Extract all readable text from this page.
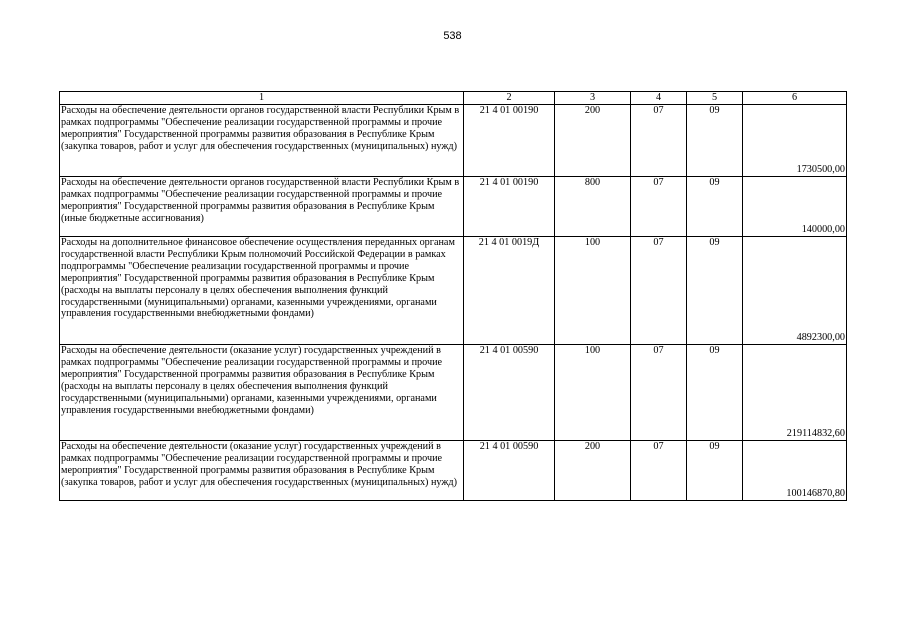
538
1	2	3	4	5	6
Расходы на обеспечение деятельности органов государственной власти Республики Крым в рамках подпрограммы "Обеспечение реализации государственной программы и прочие мероприятия" Государственной программы развития образования в Республике Крым (закупка товаров, работ и услуг для обеспечения государственных (муниципальных) нужд)	21 4 01 00190	200	07	09	1730500,00
Расходы на обеспечение деятельности органов государственной власти Республики Крым в рамках подпрограммы "Обеспечение реализации государственной программы и прочие мероприятия" Государственной программы развития образования в Республике Крым (иные бюджетные ассигнования)	21 4 01 00190	800	07	09	140000,00
Расходы на дополнительное финансовое обеспечение осуществления переданных органам государственной власти Республики Крым полномочий Российской Федерации в рамках подпрограммы "Обеспечение реализации государственной программы и прочие мероприятия" Государственной программы развития образования в Республике Крым (расходы на выплаты персоналу в целях обеспечения выполнения функций государственными (муниципальными) органами, казенными учреждениями, органами управления государственными внебюджетными фондами)	21 4 01 0019Д	100	07	09	4892300,00
Расходы на обеспечение деятельности (оказание услуг) государственных учреждений в рамках подпрограммы "Обеспечение реализации государственной программы и прочие мероприятия" Государственной программы развития образования в Республике Крым (расходы на выплаты персоналу в целях обеспечения выполнения функций государственными (муниципальными) органами, казенными учреждениями, органами управления государственными внебюджетными фондами)	21 4 01 00590	100	07	09	219114832,60
Расходы на обеспечение деятельности (оказание услуг) государственных учреждений в рамках подпрограммы "Обеспечение реализации государственной программы и прочие мероприятия" Государственной программы развития образования в Республике Крым (закупка товаров, работ и услуг для обеспечения государственных (муниципальных) нужд)	21 4 01 00590	200	07	09	100146870,80
